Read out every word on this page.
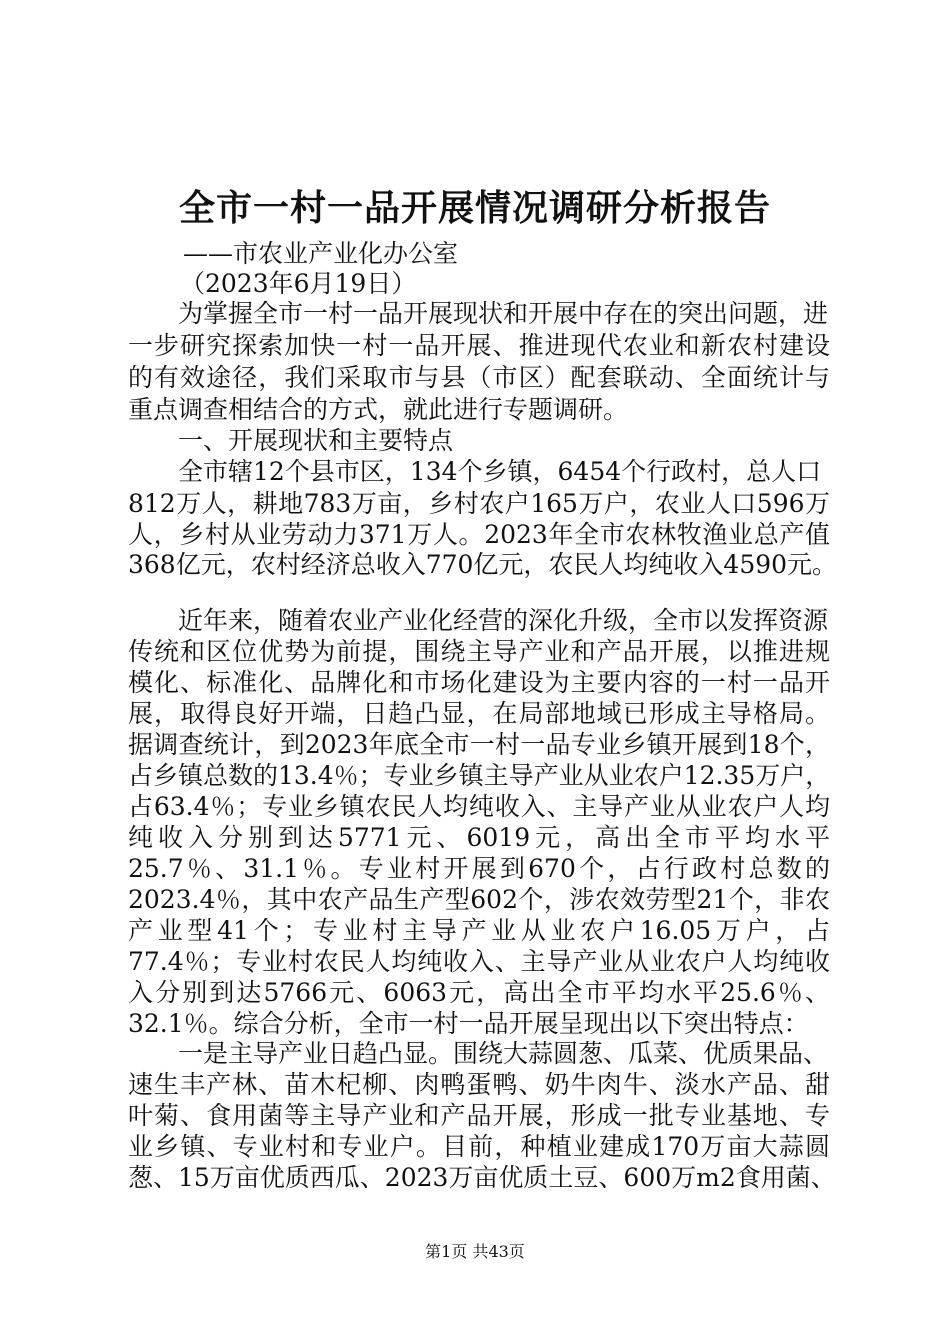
全市一村一品开展情况调研分析报告
——市农业产业化办公室
（2023年6月19日）
为掌握全市一村一品开展现状和开展中存在的突出问题，进
一步研究探索加快一村一品开展、推进现代农业和新农村建设
的有效途径，我们采取市与县（市区）配套联动、全面统计与
重点调查相结合的方式，就此进行专题调研。
一、开展现状和主要特点
全市辖12个县市区，134个乡镇，6454个行政村，总人口
812万人，耕地783万亩，乡村农户165万户，农业人口596万
人，乡村从业劳动力371万人。2023年全市农林牧渔业总产值
368亿元，农村经济总收入770亿元，农民人均纯收入4590元。
近年来，随着农业产业化经营的深化升级，全市以发挥资源
传统和区位优势为前提，围绕主导产业和产品开展，以推进规
模化、标准化、品牌化和市场化建设为主要内容的一村一品开
展，取得良好开端，日趋凸显，在局部地域已形成主导格局。
据调查统计，到2023年底全市一村一品专业乡镇开展到18个，
占乡镇总数的13.4％；专业乡镇主导产业从业农户12.35万户，
占63.4％；专业乡镇农民人均纯收入、主导产业从业农户人均
纯收入分别到达5771元、6019元，高出全市平均水平
25.7％、31.1％。专业村开展到670个，占行政村总数的
2023.4％，其中农产品生产型602个，涉农效劳型21个，非农
产业型41个；专业村主导产业从业农户16.05万户，占
77.4％；专业村农民人均纯收入、主导产业从业农户人均纯收
入分别到达5766元、6063元，高出全市平均水平25.6％、
32.1％。综合分析，全市一村一品开展呈现出以下突出特点：
一是主导产业日趋凸显。围绕大蒜圆葱、瓜菜、优质果品、
速生丰产林、苗木杞柳、肉鸭蛋鸭、奶牛肉牛、淡水产品、甜
叶菊、食用菌等主导产业和产品开展，形成一批专业基地、专
业乡镇、专业村和专业户。目前，种植业建成170万亩大蒜圆
葱、15万亩优质西瓜、2023万亩优质土豆、600万m2食用菌、
第1页 共43页
